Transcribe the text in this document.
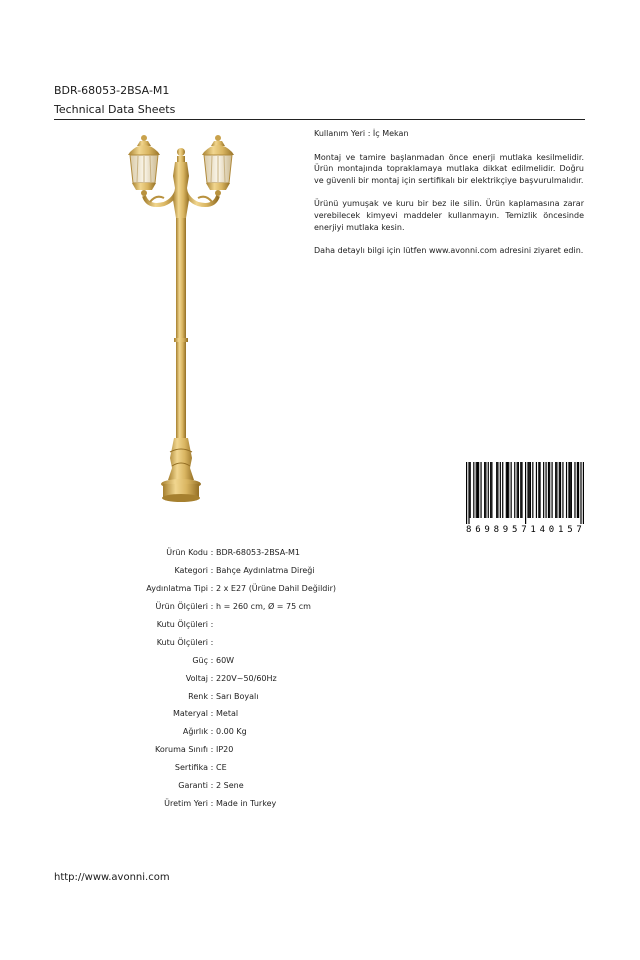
BDR-68053-2BSA-M1
Technical Data Sheets

Kullanım Yeri : İç Mekan

Montaj ve tamire başlanmadan önce enerji mutlaka kesilmelidir. Ürün montajında topraklamaya mutlaka dikkat edilmelidir. Doğru ve güvenli bir montaj için sertifikalı bir elektrikçiye başvurulmalıdır.

Ürünü yumuşak ve kuru bir bez ile silin. Ürün kaplamasına zarar verebilecek kimyevi maddeler kullanmayın. Temizlik öncesinde enerjiyi mutlaka kesin.

Daha detaylı bilgi için lütfen www.avonni.com adresini ziyaret edin.

8 6 9 8 9 5 7 1 4 0 1 5 7
Ürün Kodu : BDR-68053-2BSA-M1
Kategori : Bahçe Aydınlatma Direği
Aydınlatma Tipi : 2 x E27 (Ürüne Dahil Değildir)
Ürün Ölçüleri : h = 260 cm, Ø = 75 cm
Kutu Ölçüleri :
Kutu Ölçüleri :
Güç : 60W
Voltaj : 220V~50/60Hz
Renk : Sarı Boyalı
Materyal : Metal
Ağırlık : 0.00 Kg
Koruma Sınıfı : IP20
Sertifika : CE
Garanti : 2 Sene
Üretim Yeri : Made in Turkey
http://www.avonni.com
